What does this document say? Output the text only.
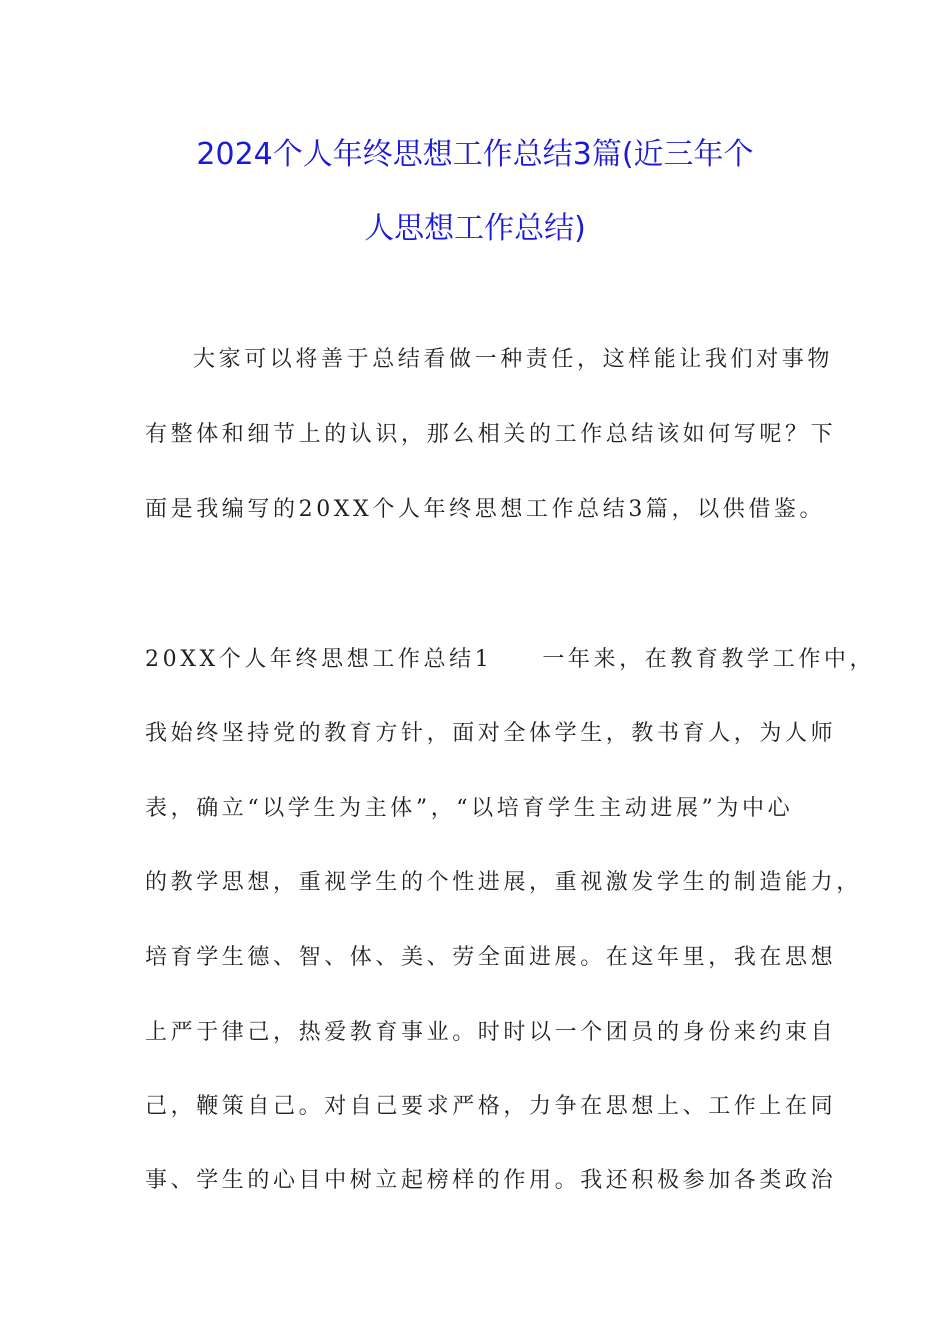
2024个人年终思想工作总结3篇(近三年个
人思想工作总结)
大家可以将善于总结看做一种责任，这样能让我们对事物
有整体和细节上的认识，那么相关的工作总结该如何写呢？下
面是我编写的20XX个人年终思想工作总结3篇，以供借鉴。
20XX个人年终思想工作总结1 一年来，在教育教学工作中，
我始终坚持党的教育方针，面对全体学生，教书育人，为人师
表，确立“以学生为主体”，“以培育学生主动进展”为中心
的教学思想，重视学生的个性进展，重视激发学生的制造能力，
培育学生德、智、体、美、劳全面进展。在这年里，我在思想
上严于律己，热爱教育事业。时时以一个团员的身份来约束自
己，鞭策自己。对自己要求严格，力争在思想上、工作上在同
事、学生的心目中树立起榜样的作用。我还积极参加各类政治
